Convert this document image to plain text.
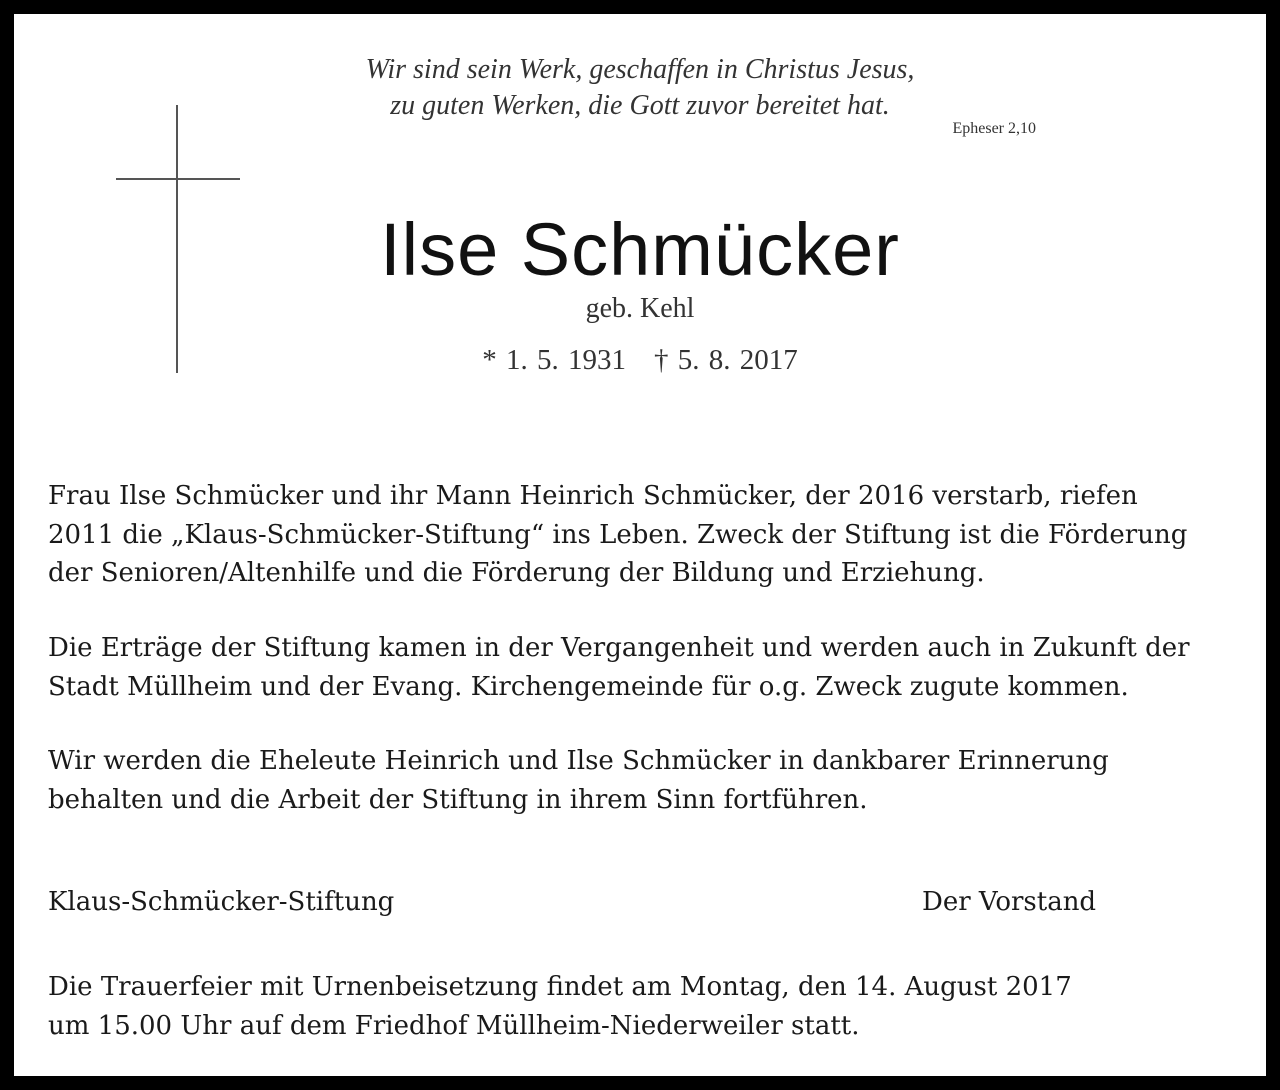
Wir sind sein Werk, geschaffen in Christus Jesus,
zu guten Werken, die Gott zuvor bereitet hat.
Epheser 2,10
Ilse Schmücker
geb. Kehl
* 1. 5. 1931 † 5. 8. 2017
Frau Ilse Schmücker und ihr Mann Heinrich Schmücker, der 2016 verstarb, riefen
2011 die „Klaus-Schmücker-Stiftung“ ins Leben. Zweck der Stiftung ist die Förderung
der Senioren/Altenhilfe und die Förderung der Bildung und Erziehung.
Die Erträge der Stiftung kamen in der Vergangenheit und werden auch in Zukunft der
Stadt Müllheim und der Evang. Kirchengemeinde für o.g. Zweck zugute kommen.
Wir werden die Eheleute Heinrich und Ilse Schmücker in dankbarer Erinnerung
behalten und die Arbeit der Stiftung in ihrem Sinn fortführen.
Klaus-Schmücker-Stiftung	Der Vorstand
Die Trauerfeier mit Urnenbeisetzung findet am Montag, den 14. August 2017
um 15.00 Uhr auf dem Friedhof Müllheim-Niederweiler statt.
